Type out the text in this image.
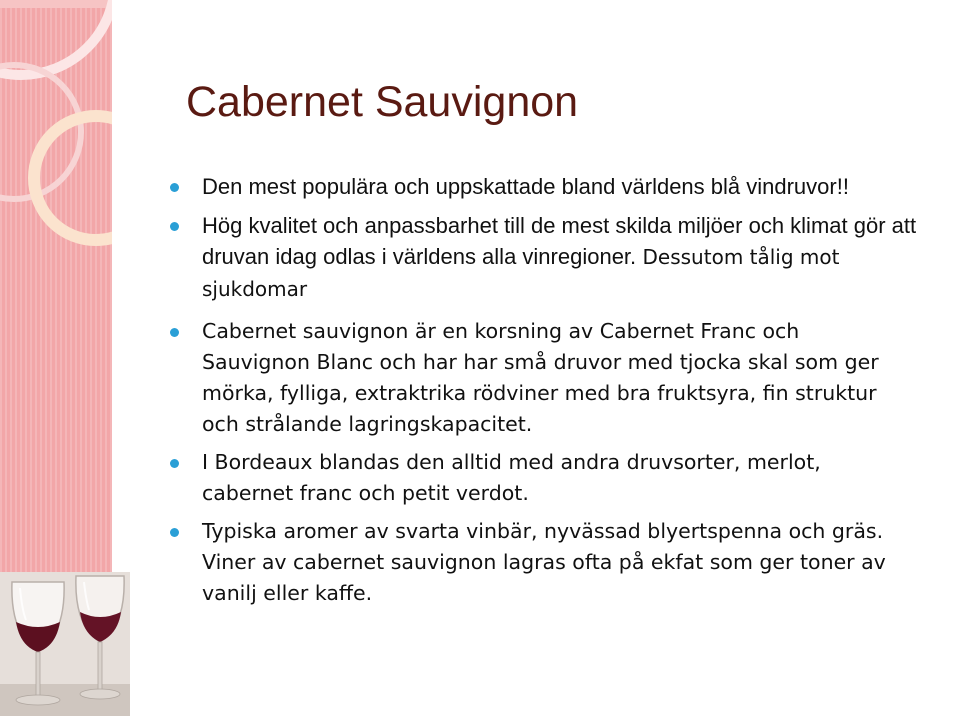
Cabernet Sauvignon
Den mest populära och uppskattade bland världens blå vindruvor!!
Hög kvalitet och anpassbarhet till de mest skilda miljöer och klimat gör att druvan idag odlas i världens alla vinregioner. Dessutom tålig mot sjukdomar
Cabernet sauvignon är en korsning av Cabernet Franc och Sauvignon Blanc och har har små druvor med tjocka skal som ger mörka, fylliga, extraktrika rödviner med bra fruktsyra, fin struktur och strålande lagringskapacitet.
I Bordeaux blandas den alltid med andra druvsorter, merlot, cabernet franc och petit verdot.
Typiska aromer av svarta vinbär, nyvässad blyertspenna och gräs. Viner av cabernet sauvignon lagras ofta på ekfat som ger toner av vanilj eller kaffe.
